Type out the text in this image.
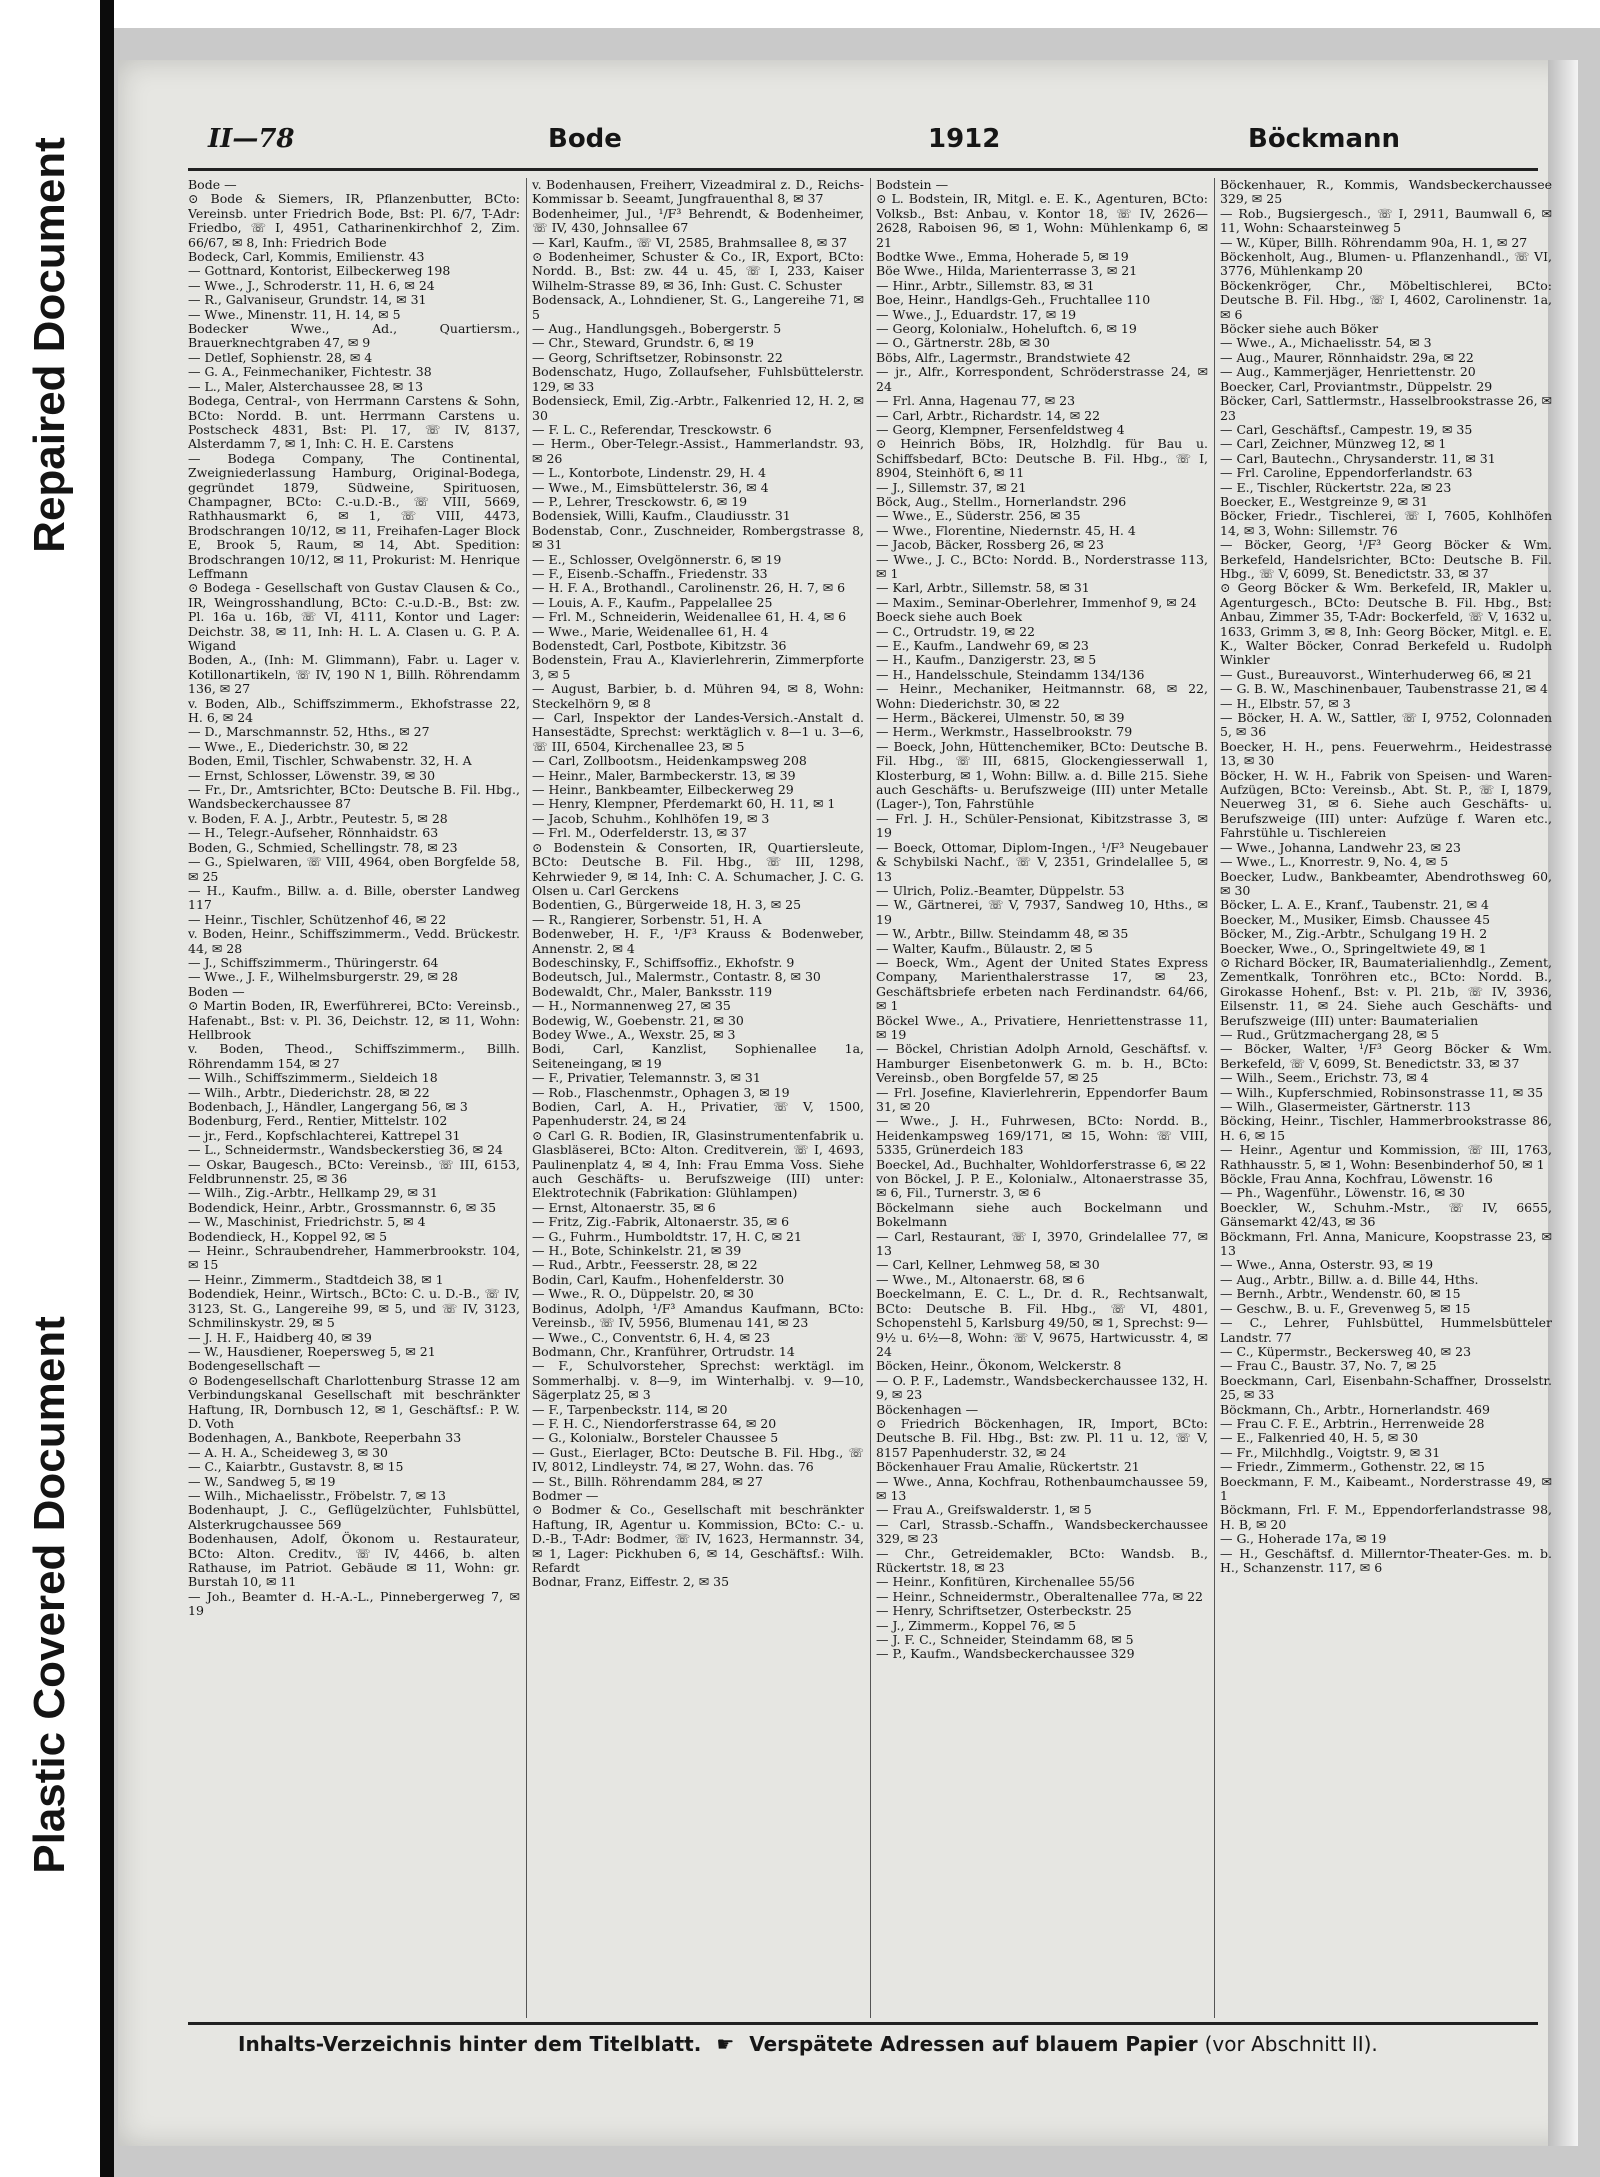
Repaired Document
Plastic Covered Document
II—78	Bode	1912	Böckmann
Bode —
⊙ Bode & Siemers, IR, Pflanzenbutter, BCto: Vereinsb. unter Friedrich Bode, Bst: Pl. 6/7, T-Adr: Friedbo, ☏ I, 4951, Catharinenkirchhof 2, Zim. 66/67, ✉ 8, Inh: Friedrich Bode
Bodeck, Carl, Kommis, Emilienstr. 43
— Gottnard, Kontorist, Eilbeckerweg 198
— Wwe., J., Schroderstr. 11, H. 6, ✉ 24
— R., Galvaniseur, Grundstr. 14, ✉ 31
— Wwe., Minenstr. 11, H. 14, ✉ 5
Bodecker Wwe., Ad., Quartiersm., Brauerknechtgraben 47, ✉ 9
— Detlef, Sophienstr. 28, ✉ 4
— G. A., Feinmechaniker, Fichtestr. 38
— L., Maler, Alsterchaussee 28, ✉ 13
Bodega, Central-, von Herrmann Carstens & Sohn, BCto: Nordd. B. unt. Herrmann Carstens u. Postscheck 4831, Bst: Pl. 17, ☏ IV, 8137, Alsterdamm 7, ✉ 1, Inh: C. H. E. Carstens
— Bodega Company, The Continental, Zweigniederlassung Hamburg, Original-Bodega, gegründet 1879, Südweine, Spirituosen, Champagner, BCto: C.-u.D.-B., ☏ VIII, 5669, Rathhausmarkt 6, ✉ 1, ☏ VIII, 4473, Brodschrangen 10/12, ✉ 11, Freihafen-Lager Block E, Brook 5, Raum, ✉ 14, Abt. Spedition: Brodschrangen 10/12, ✉ 11, Prokurist: M. Henrique Leffmann
⊙ Bodega - Gesellschaft von Gustav Clausen & Co., IR, Weingrosshandlung, BCto: C.-u.D.-B., Bst: zw. Pl. 16a u. 16b, ☏ VI, 4111, Kontor und Lager: Deichstr. 38, ✉ 11, Inh: H. L. A. Clasen u. G. P. A. Wigand
Boden, A., (Inh: M. Glimmann), Fabr. u. Lager v. Kotillonartikeln, ☏ IV, 190 N 1, Billh. Röhrendamm 136, ✉ 27
v. Boden, Alb., Schiffszimmerm., Ekhofstrasse 22, H. 6, ✉ 24
— D., Marschmannstr. 52, Hths., ✉ 27
— Wwe., E., Diederichstr. 30, ✉ 22
Boden, Emil, Tischler, Schwabenstr. 32, H. A
— Ernst, Schlosser, Löwenstr. 39, ✉ 30
— Fr., Dr., Amtsrichter, BCto: Deutsche B. Fil. Hbg., Wandsbeckerchaussee 87
v. Boden, F. A. J., Arbtr., Peutestr. 5, ✉ 28
— H., Telegr.-Aufseher, Rönnhaidstr. 63
Boden, G., Schmied, Schellingstr. 78, ✉ 23
— G., Spielwaren, ☏ VIII, 4964, oben Borgfelde 58, ✉ 25
— H., Kaufm., Billw. a. d. Bille, oberster Landweg 117
— Heinr., Tischler, Schützenhof 46, ✉ 22
v. Boden, Heinr., Schiffszimmerm., Vedd. Brückestr. 44, ✉ 28
— J., Schiffszimmerm., Thüringerstr. 64
— Wwe., J. F., Wilhelmsburgerstr. 29, ✉ 28
Boden —
⊙ Martin Boden, IR, Ewerführerei, BCto: Vereinsb., Hafenabt., Bst: v. Pl. 36, Deichstr. 12, ✉ 11, Wohn: Hellbrook
v. Boden, Theod., Schiffszimmerm., Billh. Röhrendamm 154, ✉ 27
— Wilh., Schiffszimmerm., Sieldeich 18
— Wilh., Arbtr., Diederichstr. 28, ✉ 22
Bodenbach, J., Händler, Langergang 56, ✉ 3
Bodenburg, Ferd., Rentier, Mittelstr. 102
— jr., Ferd., Kopfschlachterei, Kattrepel 31
— L., Schneidermstr., Wandsbeckerstieg 36, ✉ 24
— Oskar, Baugesch., BCto: Vereinsb., ☏ III, 6153, Feldbrunnenstr. 25, ✉ 36
— Wilh., Zig.-Arbtr., Hellkamp 29, ✉ 31
Bodendick, Heinr., Arbtr., Grossmannstr. 6, ✉ 35
— W., Maschinist, Friedrichstr. 5, ✉ 4
Bodendieck, H., Koppel 92, ✉ 5
— Heinr., Schraubendreher, Hammerbrookstr. 104, ✉ 15
— Heinr., Zimmerm., Stadtdeich 38, ✉ 1
Bodendiek, Heinr., Wirtsch., BCto: C. u. D.-B., ☏ IV, 3123, St. G., Langereihe 99, ✉ 5, und ☏ IV, 3123, Schmilinskystr. 29, ✉ 5
— J. H. F., Haidberg 40, ✉ 39
— W., Hausdiener, Roepersweg 5, ✉ 21
Bodengesellschaft —
⊙ Bodengesellschaft Charlottenburg Strasse 12 am Verbindungskanal Gesellschaft mit beschränkter Haftung, IR, Dornbusch 12, ✉ 1, Geschäftsf.: P. W. D. Voth
Bodenhagen, A., Bankbote, Reeperbahn 33
— A. H. A., Scheideweg 3, ✉ 30
— C., Kaiarbtr., Gustavstr. 8, ✉ 15
— W., Sandweg 5, ✉ 19
— Wilh., Michaelisstr., Fröbelstr. 7, ✉ 13
Bodenhaupt, J. C., Geflügelzüchter, Fuhlsbüttel, Alsterkrugchaussee 569
Bodenhausen, Adolf, Ökonom u. Restaurateur, BCto: Alton. Creditv., ☏ IV, 4466, b. alten Rathause, im Patriot. Gebäude ✉ 11, Wohn: gr. Burstah 10, ✉ 11
— Joh., Beamter d. H.-A.-L., Pinnebergerweg 7, ✉ 19
v. Bodenhausen, Freiherr, Vizeadmiral z. D., Reichs-Kommissar b. Seeamt, Jungfrauenthal 8, ✉ 37
Bodenheimer, Jul., ¹/F³ Behrendt, & Bodenheimer, ☏ IV, 430, Johnsallee 67
— Karl, Kaufm., ☏ VI, 2585, Brahmsallee 8, ✉ 37
⊙ Bodenheimer, Schuster & Co., IR, Export, BCto: Nordd. B., Bst: zw. 44 u. 45, ☏ I, 233, Kaiser Wilhelm-Strasse 89, ✉ 36, Inh: Gust. C. Schuster
Bodensack, A., Lohndiener, St. G., Langereihe 71, ✉ 5
— Aug., Handlungsgeh., Bobergerstr. 5
— Chr., Steward, Grundstr. 6, ✉ 19
— Georg, Schriftsetzer, Robinsonstr. 22
Bodenschatz, Hugo, Zollaufseher, Fuhlsbüttelerstr. 129, ✉ 33
Bodensieck, Emil, Zig.-Arbtr., Falkenried 12, H. 2, ✉ 30
— F. L. C., Referendar, Tresckowstr. 6
— Herm., Ober-Telegr.-Assist., Hammerlandstr. 93, ✉ 26
— L., Kontorbote, Lindenstr. 29, H. 4
— Wwe., M., Eimsbüttelerstr. 36, ✉ 4
— P., Lehrer, Tresckowstr. 6, ✉ 19
Bodensiek, Willi, Kaufm., Claudiusstr. 31
Bodenstab, Conr., Zuschneider, Rombergstrasse 8, ✉ 31
— E., Schlosser, Ovelgönnerstr. 6, ✉ 19
— F., Eisenb.-Schaffn., Friedenstr. 33
— H. F. A., Brothandl., Carolinenstr. 26, H. 7, ✉ 6
— Louis, A. F., Kaufm., Pappelallee 25
— Frl. M., Schneiderin, Weidenallee 61, H. 4, ✉ 6
— Wwe., Marie, Weidenallee 61, H. 4
Bodenstedt, Carl, Postbote, Kibitzstr. 36
Bodenstein, Frau A., Klavierlehrerin, Zimmerpforte 3, ✉ 5
— August, Barbier, b. d. Mühren 94, ✉ 8, Wohn: Steckelhörn 9, ✉ 8
— Carl, Inspektor der Landes-Versich.-Anstalt d. Hansestädte, Sprechst: werktäglich v. 8—1 u. 3—6, ☏ III, 6504, Kirchenallee 23, ✉ 5
— Carl, Zollbootsm., Heidenkampsweg 208
— Heinr., Maler, Barmbeckerstr. 13, ✉ 39
— Heinr., Bankbeamter, Eilbeckerweg 29
— Henry, Klempner, Pferdemarkt 60, H. 11, ✉ 1
— Jacob, Schuhm., Kohlhöfen 19, ✉ 3
— Frl. M., Oderfelderstr. 13, ✉ 37
⊙ Bodenstein & Consorten, IR, Quartiersleute, BCto: Deutsche B. Fil. Hbg., ☏ III, 1298, Kehrwieder 9, ✉ 14, Inh: C. A. Schumacher, J. C. G. Olsen u. Carl Gerckens
Bodentien, G., Bürgerweide 18, H. 3, ✉ 25
— R., Rangierer, Sorbenstr. 51, H. A
Bodenweber, H. F., ¹/F³ Krauss & Bodenweber, Annenstr. 2, ✉ 4
Bodeschinsky, F., Schiffsoffiz., Ekhofstr. 9
Bodeutsch, Jul., Malermstr., Contastr. 8, ✉ 30
Bodewaldt, Chr., Maler, Banksstr. 119
— H., Normannenweg 27, ✉ 35
Bodewig, W., Goebenstr. 21, ✉ 30
Bodey Wwe., A., Wexstr. 25, ✉ 3
Bodi, Carl, Kanzlist, Sophienallee 1a, Seiteneingang, ✉ 19
— F., Privatier, Telemannstr. 3, ✉ 31
— Rob., Flaschenmstr., Ophagen 3, ✉ 19
Bodien, Carl, A. H., Privatier, ☏ V, 1500, Papenhuderstr. 24, ✉ 24
⊙ Carl G. R. Bodien, IR, Glasinstrumentenfabrik u. Glasbläserei, BCto: Alton. Creditverein, ☏ I, 4693, Paulinenplatz 4, ✉ 4, Inh: Frau Emma Voss. Siehe auch Geschäfts- u. Berufszweige (III) unter: Elektrotechnik (Fabrikation: Glühlampen)
— Ernst, Altonaerstr. 35, ✉ 6
— Fritz, Zig.-Fabrik, Altonaerstr. 35, ✉ 6
— G., Fuhrm., Humboldtstr. 17, H. C, ✉ 21
— H., Bote, Schinkelstr. 21, ✉ 39
— Rud., Arbtr., Feesserstr. 28, ✉ 22
Bodin, Carl, Kaufm., Hohenfelderstr. 30
— Wwe., R. O., Düppelstr. 20, ✉ 30
Bodinus, Adolph, ¹/F³ Amandus Kaufmann, BCto: Vereinsb., ☏ IV, 5956, Blumenau 141, ✉ 23
— Wwe., C., Conventstr. 6, H. 4, ✉ 23
Bodmann, Chr., Kranführer, Ortrudstr. 14
— F., Schulvorsteher, Sprechst: werktägl. im Sommerhalbj. v. 8—9, im Winterhalbj. v. 9—10, Sägerplatz 25, ✉ 3
— F., Tarpenbeckstr. 114, ✉ 20
— F. H. C., Niendorferstrasse 64, ✉ 20
— G., Kolonialw., Borsteler Chaussee 5
— Gust., Eierlager, BCto: Deutsche B. Fil. Hbg., ☏ IV, 8012, Lindleystr. 74, ✉ 27, Wohn. das. 76
— St., Billh. Röhrendamm 284, ✉ 27
Bodmer —
⊙ Bodmer & Co., Gesellschaft mit beschränkter Haftung, IR, Agentur u. Kommission, BCto: C.- u. D.-B., T-Adr: Bodmer, ☏ IV, 1623, Hermannstr. 34, ✉ 1, Lager: Pickhuben 6, ✉ 14, Geschäftsf.: Wilh. Refardt
Bodnar, Franz, Eiffestr. 2, ✉ 35
Bodstein —
⊙ L. Bodstein, IR, Mitgl. e. E. K., Agenturen, BCto: Volksb., Bst: Anbau, v. Kontor 18, ☏ IV, 2626—2628, Raboisen 96, ✉ 1, Wohn: Mühlenkamp 6, ✉ 21
Bodtke Wwe., Emma, Hoherade 5, ✉ 19
Böe Wwe., Hilda, Marienterrasse 3, ✉ 21
— Hinr., Arbtr., Sillemstr. 83, ✉ 31
Boe, Heinr., Handlgs-Geh., Fruchtallee 110
— Wwe., J., Eduardstr. 17, ✉ 19
— Georg, Kolonialw., Hoheluftch. 6, ✉ 19
— O., Gärtnerstr. 28b, ✉ 30
Böbs, Alfr., Lagermstr., Brandstwiete 42
— jr., Alfr., Korrespondent, Schröderstrasse 24, ✉ 24
— Frl. Anna, Hagenau 77, ✉ 23
— Carl, Arbtr., Richardstr. 14, ✉ 22
— Georg, Klempner, Fersenfeldstweg 4
⊙ Heinrich Böbs, IR, Holzhdlg. für Bau u. Schiffsbedarf, BCto: Deutsche B. Fil. Hbg., ☏ I, 8904, Steinhöft 6, ✉ 11
— J., Sillemstr. 37, ✉ 21
Böck, Aug., Stellm., Hornerlandstr. 296
— Wwe., E., Süderstr. 256, ✉ 35
— Wwe., Florentine, Niedernstr. 45, H. 4
— Jacob, Bäcker, Rossberg 26, ✉ 23
— Wwe., J. C., BCto: Nordd. B., Norderstrasse 113, ✉ 1
— Karl, Arbtr., Sillemstr. 58, ✉ 31
— Maxim., Seminar-Oberlehrer, Immenhof 9, ✉ 24
Boeck siehe auch Boek
— C., Ortrudstr. 19, ✉ 22
— E., Kaufm., Landwehr 69, ✉ 23
— H., Kaufm., Danzigerstr. 23, ✉ 5
— H., Handelsschule, Steindamm 134/136
— Heinr., Mechaniker, Heitmannstr. 68, ✉ 22, Wohn: Diederichstr. 30, ✉ 22
— Herm., Bäckerei, Ulmenstr. 50, ✉ 39
— Herm., Werkmstr., Hasselbrookstr. 79
— Boeck, John, Hüttenchemiker, BCto: Deutsche B. Fil. Hbg., ☏ III, 6815, Glockengiesserwall 1, Klosterburg, ✉ 1, Wohn: Billw. a. d. Bille 215. Siehe auch Geschäfts- u. Berufszweige (III) unter Metalle (Lager-), Ton, Fahrstühle
— Frl. J. H., Schüler-Pensionat, Kibitzstrasse 3, ✉ 19
— Boeck, Ottomar, Diplom-Ingen., ¹/F³ Neugebauer & Schybilski Nachf., ☏ V, 2351, Grindelallee 5, ✉ 13
— Ulrich, Poliz.-Beamter, Düppelstr. 53
— W., Gärtnerei, ☏ V, 7937, Sandweg 10, Hths., ✉ 19
— W., Arbtr., Billw. Steindamm 48, ✉ 35
— Walter, Kaufm., Bülaustr. 2, ✉ 5
— Boeck, Wm., Agent der United States Express Company, Marienthalerstrasse 17, ✉ 23, Geschäftsbriefe erbeten nach Ferdinandstr. 64/66, ✉ 1
Böckel Wwe., A., Privatiere, Henriettenstrasse 11, ✉ 19
— Böckel, Christian Adolph Arnold, Geschäftsf. v. Hamburger Eisenbetonwerk G. m. b. H., BCto: Vereinsb., oben Borgfelde 57, ✉ 25
— Frl. Josefine, Klavierlehrerin, Eppendorfer Baum 31, ✉ 20
— Wwe., J. H., Fuhrwesen, BCto: Nordd. B., Heidenkampsweg 169/171, ✉ 15, Wohn: ☏ VIII, 5335, Grünerdeich 183
Boeckel, Ad., Buchhalter, Wohldorferstrasse 6, ✉ 22
von Böckel, J. P. E., Kolonialw., Altonaerstrasse 35, ✉ 6, Fil., Turnerstr. 3, ✉ 6
Böckelmann siehe auch Bockelmann und Bokelmann
— Carl, Restaurant, ☏ I, 3970, Grindelallee 77, ✉ 13
— Carl, Kellner, Lehmweg 58, ✉ 30
— Wwe., M., Altonaerstr. 68, ✉ 6
Boeckelmann, E. C. L., Dr. d. R., Rechtsanwalt, BCto: Deutsche B. Fil. Hbg., ☏ VI, 4801, Schopenstehl 5, Karlsburg 49/50, ✉ 1, Sprechst: 9—9½ u. 6½—8, Wohn: ☏ V, 9675, Hartwicusstr. 4, ✉ 24
Böcken, Heinr., Ökonom, Welckerstr. 8
— O. P. F., Lademstr., Wandsbeckerchaussee 132, H. 9, ✉ 23
Böckenhagen —
⊙ Friedrich Böckenhagen, IR, Import, BCto: Deutsche B. Fil. Hbg., Bst: zw. Pl. 11 u. 12, ☏ V, 8157 Papenhuderstr. 32, ✉ 24
Böckenhauer Frau Amalie, Rückertstr. 21
— Wwe., Anna, Kochfrau, Rothenbaumchaussee 59, ✉ 13
— Frau A., Greifswalderstr. 1, ✉ 5
— Carl, Strassb.-Schaffn., Wandsbeckerchaussee 329, ✉ 23
— Chr., Getreidemakler, BCto: Wandsb. B., Rückertstr. 18, ✉ 23
— Heinr., Konfitüren, Kirchenallee 55/56
— Heinr., Schneidermstr., Oberaltenallee 77a, ✉ 22
— Henry, Schriftsetzer, Osterbeckstr. 25
— J., Zimmerm., Koppel 76, ✉ 5
— J. F. C., Schneider, Steindamm 68, ✉ 5
— P., Kaufm., Wandsbeckerchaussee 329
Böckenhauer, R., Kommis, Wandsbeckerchaussee 329, ✉ 25
— Rob., Bugsiergesch., ☏ I, 2911, Baumwall 6, ✉ 11, Wohn: Schaarsteinweg 5
— W., Küper, Billh. Röhrendamm 90a, H. 1, ✉ 27
Böckenholt, Aug., Blumen- u. Pflanzenhandl., ☏ VI, 3776, Mühlenkamp 20
Böckenkröger, Chr., Möbeltischlerei, BCto: Deutsche B. Fil. Hbg., ☏ I, 4602, Carolinenstr. 1a, ✉ 6
Böcker siehe auch Böker
— Wwe., A., Michaelisstr. 54, ✉ 3
— Aug., Maurer, Rönnhaidstr. 29a, ✉ 22
— Aug., Kammerjäger, Henriettenstr. 20
Boecker, Carl, Proviantmstr., Düppelstr. 29
Böcker, Carl, Sattlermstr., Hasselbrookstrasse 26, ✉ 23
— Carl, Geschäftsf., Campestr. 19, ✉ 35
— Carl, Zeichner, Münzweg 12, ✉ 1
— Carl, Bautechn., Chrysanderstr. 11, ✉ 31
— Frl. Caroline, Eppendorferlandstr. 63
— E., Tischler, Rückertstr. 22a, ✉ 23
Boecker, E., Westgreinze 9, ✉ 31
Böcker, Friedr., Tischlerei, ☏ I, 7605, Kohlhöfen 14, ✉ 3, Wohn: Sillemstr. 76
— Böcker, Georg, ¹/F³ Georg Böcker & Wm. Berkefeld, Handelsrichter, BCto: Deutsche B. Fil. Hbg., ☏ V, 6099, St. Benedictstr. 33, ✉ 37
⊙ Georg Böcker & Wm. Berkefeld, IR, Makler u. Agenturgesch., BCto: Deutsche B. Fil. Hbg., Bst: Anbau, Zimmer 35, T-Adr: Bockerfeld, ☏ V, 1632 u. 1633, Grimm 3, ✉ 8, Inh: Georg Böcker, Mitgl. e. E. K., Walter Böcker, Conrad Berkefeld u. Rudolph Winkler
— Gust., Bureauvorst., Winterhuderweg 66, ✉ 21
— G. B. W., Maschinenbauer, Taubenstrasse 21, ✉ 4
— H., Elbstr. 57, ✉ 3
— Böcker, H. A. W., Sattler, ☏ I, 9752, Colonnaden 5, ✉ 36
Boecker, H. H., pens. Feuerwehrm., Heidestrasse 13, ✉ 30
Böcker, H. W. H., Fabrik von Speisen- und Waren-Aufzügen, BCto: Vereinsb., Abt. St. P., ☏ I, 1879, Neuerweg 31, ✉ 6. Siehe auch Geschäfts- u. Berufszweige (III) unter: Aufzüge f. Waren etc., Fahrstühle u. Tischlereien
— Wwe., Johanna, Landwehr 23, ✉ 23
— Wwe., L., Knorrestr. 9, No. 4, ✉ 5
Boecker, Ludw., Bankbeamter, Abendrothsweg 60, ✉ 30
Böcker, L. A. E., Kranf., Taubenstr. 21, ✉ 4
Boecker, M., Musiker, Eimsb. Chaussee 45
Böcker, M., Zig.-Arbtr., Schulgang 19 H. 2
Boecker, Wwe., O., Springeltwiete 49, ✉ 1
⊙ Richard Böcker, IR, Baumaterialienhdlg., Zement, Zementkalk, Tonröhren etc., BCto: Nordd. B., Girokasse Hohenf., Bst: v. Pl. 21b, ☏ IV, 3936, Eilsenstr. 11, ✉ 24. Siehe auch Geschäfts- und Berufszweige (III) unter: Baumaterialien
— Rud., Grützmachergang 28, ✉ 5
— Böcker, Walter, ¹/F³ Georg Böcker & Wm. Berkefeld, ☏ V, 6099, St. Benedictstr. 33, ✉ 37
— Wilh., Seem., Erichstr. 73, ✉ 4
— Wilh., Kupferschmied, Robinsonstrasse 11, ✉ 35
— Wilh., Glasermeister, Gärtnerstr. 113
Böcking, Heinr., Tischler, Hammerbrookstrasse 86, H. 6, ✉ 15
— Heinr., Agentur und Kommission, ☏ III, 1763, Rathhausstr. 5, ✉ 1, Wohn: Besenbinderhof 50, ✉ 1
Böckle, Frau Anna, Kochfrau, Löwenstr. 16
— Ph., Wagenführ., Löwenstr. 16, ✉ 30
Boeckler, W., Schuhm.-Mstr., ☏ IV, 6655, Gänsemarkt 42/43, ✉ 36
Böckmann, Frl. Anna, Manicure, Koopstrasse 23, ✉ 13
— Wwe., Anna, Osterstr. 93, ✉ 19
— Aug., Arbtr., Billw. a. d. Bille 44, Hths.
— Bernh., Arbtr., Wendenstr. 60, ✉ 15
— Geschw., B. u. F., Grevenweg 5, ✉ 15
— C., Lehrer, Fuhlsbüttel, Hummelsbütteler Landstr. 77
— C., Küpermstr., Beckersweg 40, ✉ 23
— Frau C., Baustr. 37, No. 7, ✉ 25
Boeckmann, Carl, Eisenbahn-Schaffner, Drosselstr. 25, ✉ 33
Böckmann, Ch., Arbtr., Hornerlandstr. 469
— Frau C. F. E., Arbtrin., Herrenweide 28
— E., Falkenried 40, H. 5, ✉ 30
— Fr., Milchhdlg., Voigtstr. 9, ✉ 31
— Friedr., Zimmerm., Gothenstr. 22, ✉ 15
Boeckmann, F. M., Kaibeamt., Norderstrasse 49, ✉ 1
Böckmann, Frl. F. M., Eppendorferlandstrasse 98, H. B, ✉ 20
— G., Hoherade 17a, ✉ 19
— H., Geschäftsf. d. Millerntor-Theater-Ges. m. b. H., Schanzenstr. 117, ✉ 6
Inhalts-Verzeichnis hinter dem Titelblatt. ☛ Verspätete Adressen auf blauem Papier (vor Abschnitt II).
